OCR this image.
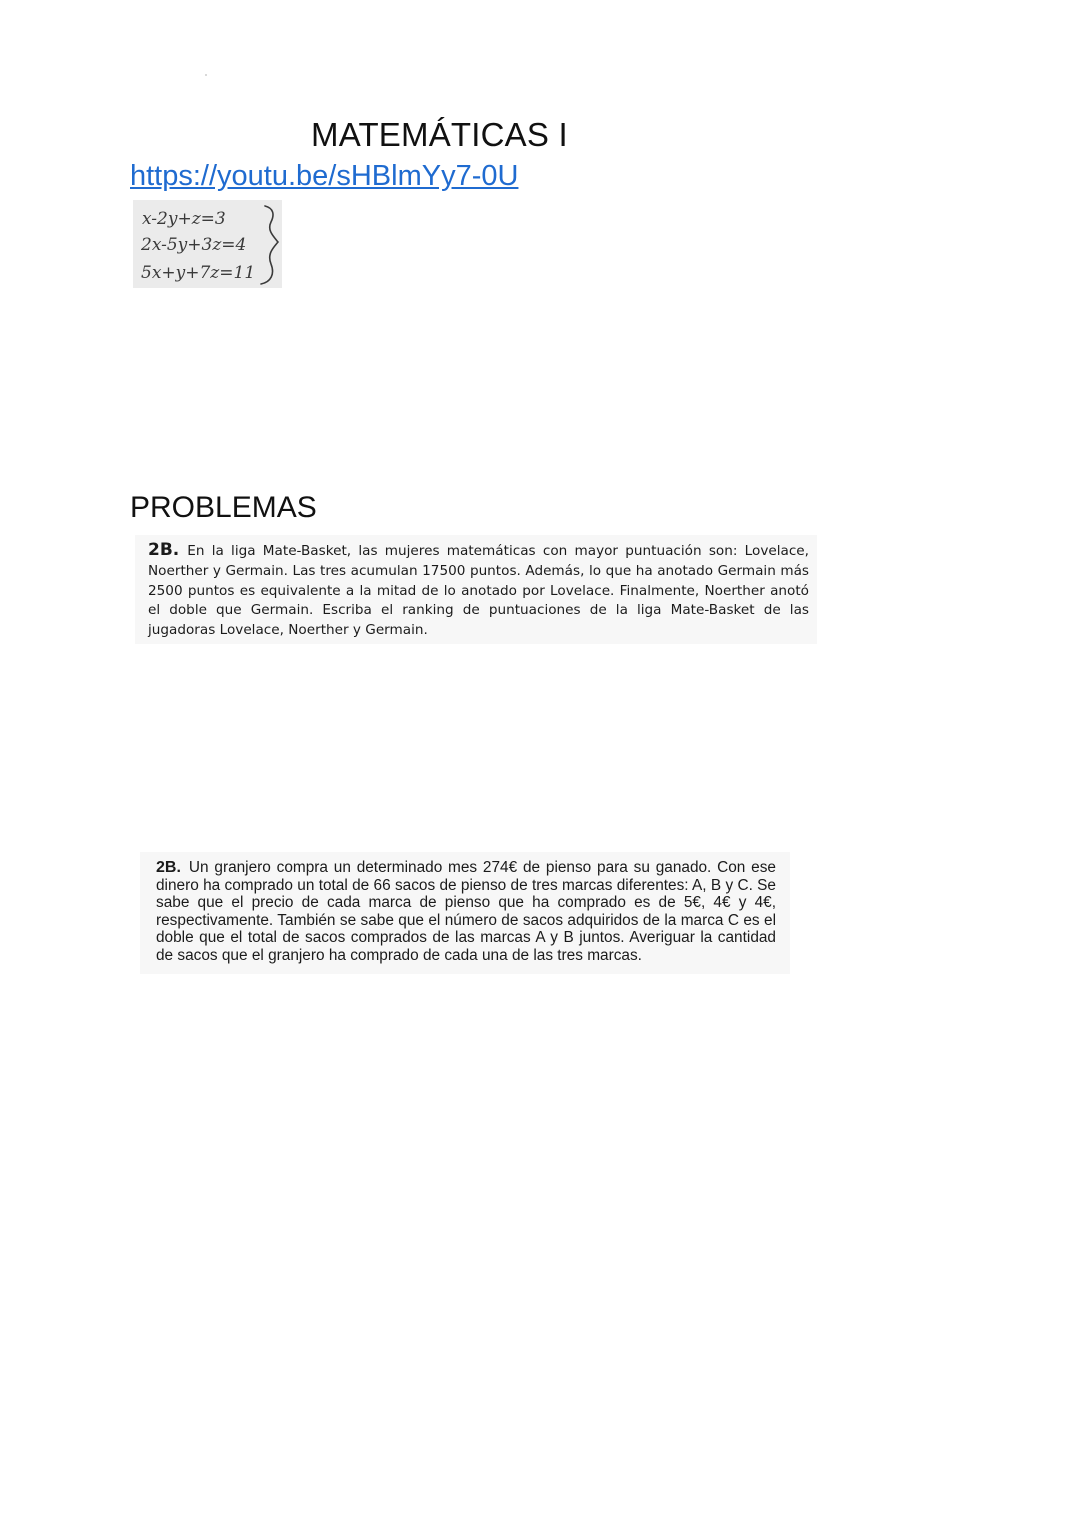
MATEMÁTICAS I
https://youtu.be/sHBlmYy7-0U
x-2y+z=3
2x-5y+3z=4
5x+y+7z=11
PROBLEMAS
2B. En la liga Mate-Basket, las mujeres matemáticas con mayor puntuación son: Lovelace, Noerther y Germain. Las tres acumulan 17500 puntos. Además, lo que ha anotado Germain más 2500 puntos es equivalente a la mitad de lo anotado por Lovelace. Finalmente, Noerther anotó el doble que Germain. Escriba el ranking de puntuaciones de la liga Mate-Basket de las jugadoras Lovelace, Noerther y Germain.
2B. Un granjero compra un determinado mes 274€ de pienso para su ganado. Con ese dinero ha comprado un total de 66 sacos de pienso de tres marcas diferentes: A, B y C. Se sabe que el precio de cada marca de pienso que ha comprado es de 5€, 4€ y 4€, respectivamente. También se sabe que el número de sacos adquiridos de la marca C es el doble que el total de sacos comprados de las marcas A y B juntos. Averiguar la cantidad de sacos que el granjero ha comprado de cada una de las tres marcas.
